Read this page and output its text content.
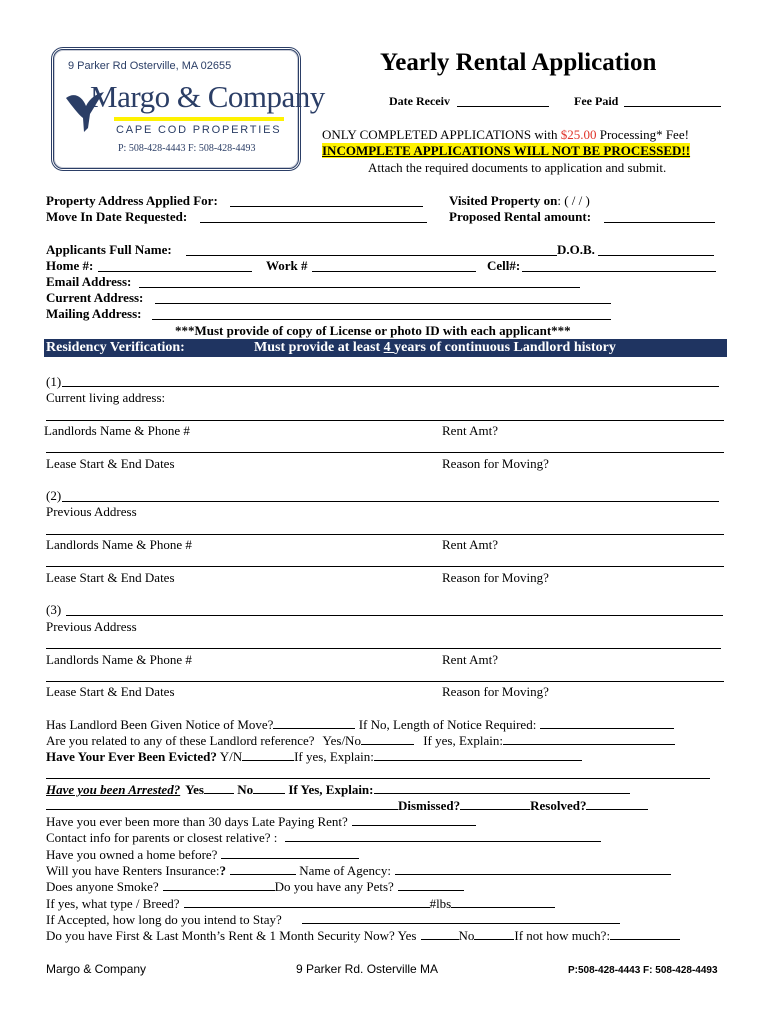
9 Parker Rd Osterville, MA 02655
Margo & Company
CAPE COD PROPERTIES
P: 508-428-4443 F: 508-428-4493
Yearly Rental Application
Date Receiv	Fee Paid
ONLY COMPLETED APPLICATIONS with $25.00 Processing* Fee!
INCOMPLETE APPLICATIONS WILL NOT BE PROCESSED!!
Attach the required documents to application and submit.
Property Address Applied For:	Visited Property on: ( / / )
Move In Date Requested:	Proposed Rental amount:
Applicants Full Name:	D.O.B.
Home #:	Work #	Cell#:
Email Address:
Current Address:
Mailing Address:
***Must provide of copy of License or photo ID with each applicant***
Residency Verification:	Must provide at least 4 years of continuous Landlord history
(1)
Current living address:
Landlords Name & Phone #	Rent Amt?
Lease Start & End Dates	Reason for Moving?
(2)
Previous Address
Landlords Name & Phone #	Rent Amt?
Lease Start & End Dates	Reason for Moving?
(3)
Previous Address
Landlords Name & Phone #	Rent Amt?
Lease Start & End Dates	Reason for Moving?
Has Landlord Been Given Notice of Move?	If No, Length of Notice Required:
Are you related to any of these Landlord reference? Yes/No	If yes, Explain:
Have Your Ever Been Evicted? Y/N	If yes, Explain:
Have you been Arrested? Yes	No	If Yes, Explain:
Dismissed?	Resolved?
Have you ever been more than 30 days Late Paying Rent?
Contact info for parents or closest relative? :
Have you owned a home before?
Will you have Renters Insurance:?	Name of Agency:
Does anyone Smoke?	Do you have any Pets?
If yes, what type / Breed?	#lbs
If Accepted, how long do you intend to Stay?
Do you have First & Last Month’s Rent & 1 Month Security Now? Yes	No	If not how much?:
Margo & Company	9 Parker Rd. Osterville MA	P:508-428-4443 F: 508-428-4493
